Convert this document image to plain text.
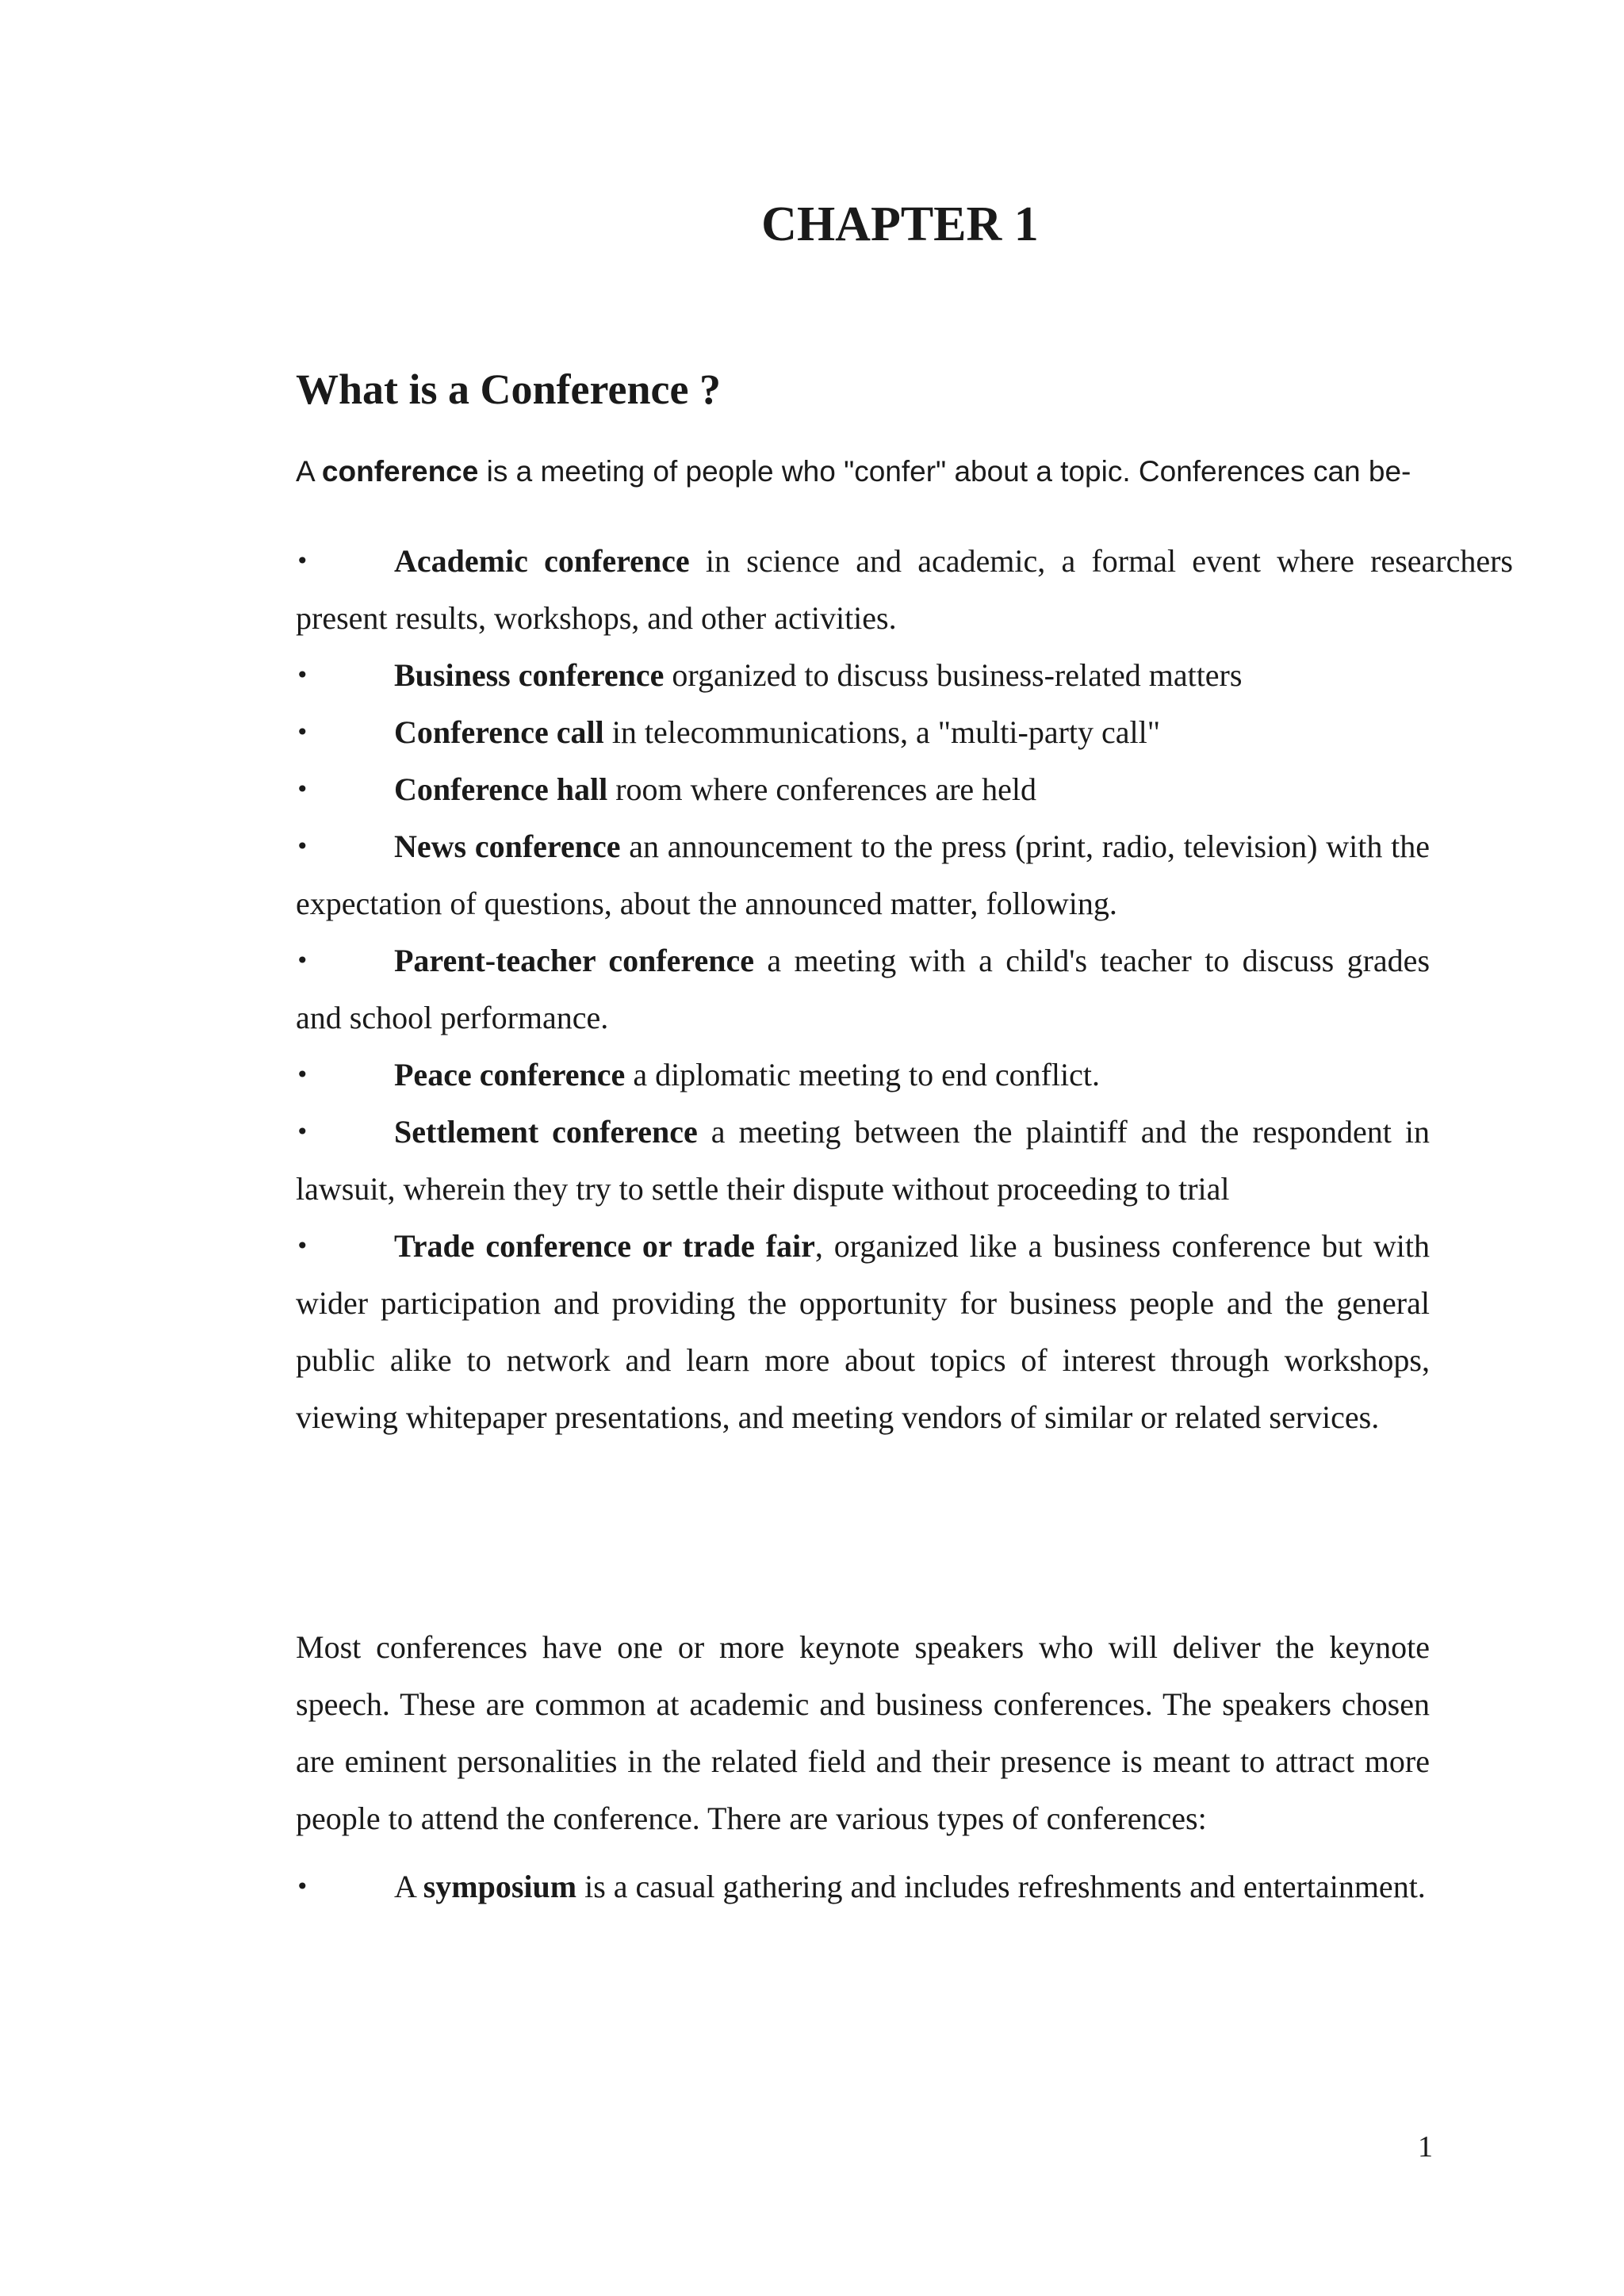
CHAPTER 1
What is a Conference ?

A conference is a meeting of people who "confer" about a topic. Conferences can be-

•	Academic conference in science and academic, a formal event where researchers present results, workshops, and other activities.
•	Business conference organized to discuss business-related matters
•	Conference call in telecommunications, a "multi-party call"
•	Conference hall room where conferences are held
•	News conference an announcement to the press (print, radio, television) with the expectation of questions, about the announced matter, following.
•	Parent-teacher conference a meeting with a child's teacher to discuss grades and school performance.
•	Peace conference a diplomatic meeting to end conflict.
•	Settlement conference a meeting between the plaintiff and the respondent in lawsuit, wherein they try to settle their dispute without proceeding to trial
•	Trade conference or trade fair, organized like a business conference but with wider participation and providing the opportunity for business people and the general public alike to network and learn more about topics of interest through workshops, viewing whitepaper presentations, and meeting vendors of similar or related services.

Most conferences have one or more keynote speakers who will deliver the keynote speech. These are common at academic and business conferences. The speakers chosen are eminent personalities in the related field and their presence is meant to attract more people to attend the conference. There are various types of conferences:

•	A symposium is a casual gathering and includes refreshments and entertainment.

1
